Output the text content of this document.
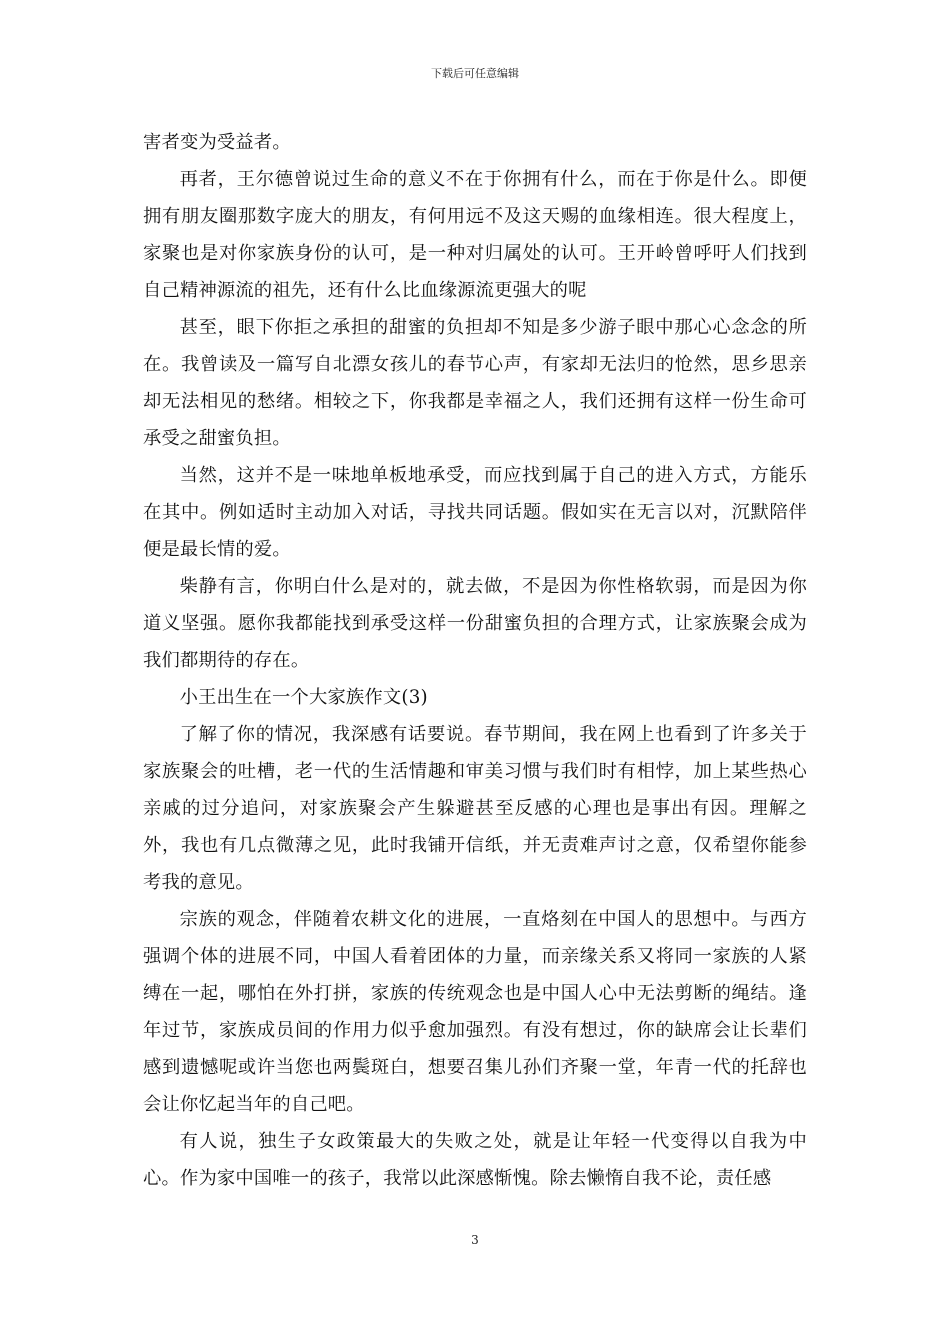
下载后可任意编辑

害者变为受益者。

再者，王尔德曾说过生命的意义不在于你拥有什么，而在于你是什么。即便拥有朋友圈那数字庞大的朋友，有何用远不及这天赐的血缘相连。很大程度上，家聚也是对你家族身份的认可，是一种对归属处的认可。王开岭曾呼吁人们找到自己精神源流的祖先，还有什么比血缘源流更强大的呢

甚至，眼下你拒之承担的甜蜜的负担却不知是多少游子眼中那心心念念的所在。我曾读及一篇写自北漂女孩儿的春节心声，有家却无法归的怆然，思乡思亲却无法相见的愁绪。相较之下，你我都是幸福之人，我们还拥有这样一份生命可承受之甜蜜负担。

当然，这并不是一味地单板地承受，而应找到属于自己的进入方式，方能乐在其中。例如适时主动加入对话，寻找共同话题。假如实在无言以对，沉默陪伴便是最长情的爱。

柴静有言，你明白什么是对的，就去做，不是因为你性格软弱，而是因为你道义坚强。愿你我都能找到承受这样一份甜蜜负担的合理方式，让家族聚会成为我们都期待的存在。

小王出生在一个大家族作文(3)

了解了你的情况，我深感有话要说。春节期间，我在网上也看到了许多关于家族聚会的吐槽，老一代的生活情趣和审美习惯与我们时有相悖，加上某些热心亲戚的过分追问，对家族聚会产生躲避甚至反感的心理也是事出有因。理解之外，我也有几点微薄之见，此时我铺开信纸，并无责难声讨之意，仅希望你能参考我的意见。

宗族的观念，伴随着农耕文化的进展，一直烙刻在中国人的思想中。与西方强调个体的进展不同，中国人看着团体的力量，而亲缘关系又将同一家族的人紧缚在一起，哪怕在外打拼，家族的传统观念也是中国人心中无法剪断的绳结。逢年过节，家族成员间的作用力似乎愈加强烈。有没有想过，你的缺席会让长辈们感到遗憾呢或许当您也两鬓斑白，想要召集儿孙们齐聚一堂，年青一代的托辞也会让你忆起当年的自己吧。

有人说，独生子女政策最大的失败之处，就是让年轻一代变得以自我为中心。作为家中国唯一的孩子，我常以此深感惭愧。除去懒惰自我不论，责任感

3
